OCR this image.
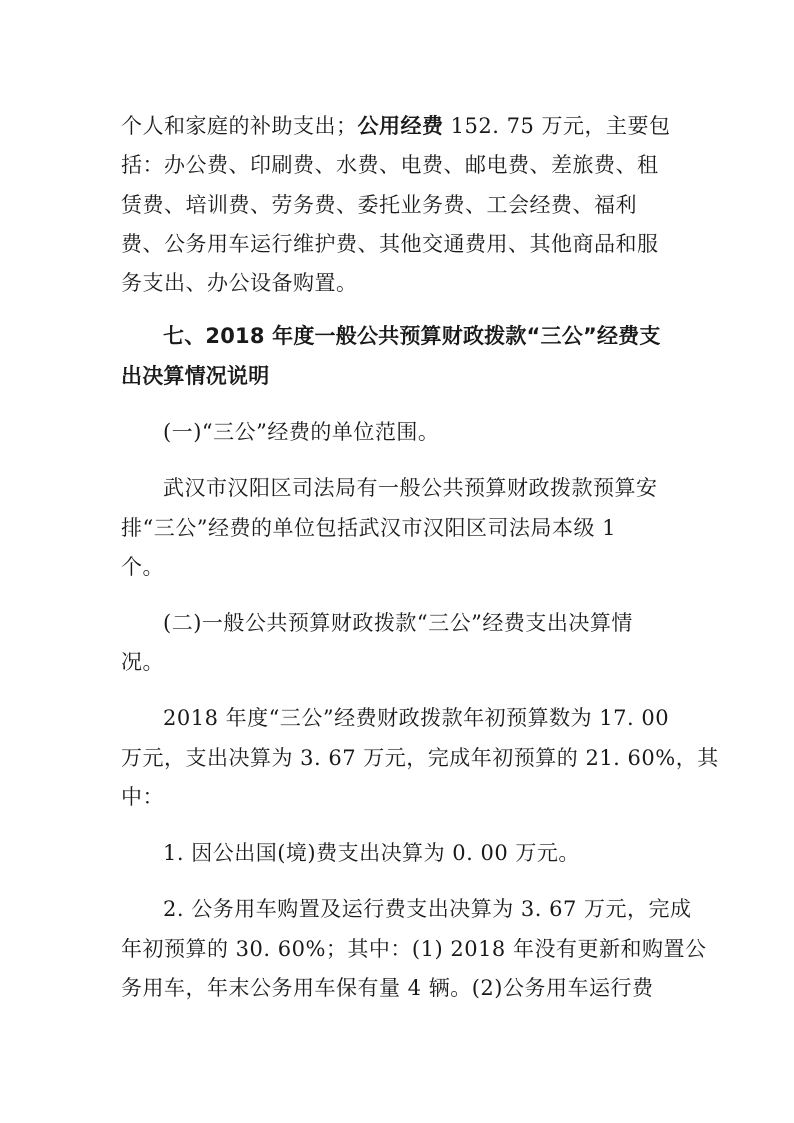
个人和家庭的补助支出；公用经费 152. 75 万元，主要包
括：办公费、印刷费、水费、电费、邮电费、差旅费、租
赁费、培训费、劳务费、委托业务费、工会经费、福利
费、公务用车运行维护费、其他交通费用、其他商品和服
务支出、办公设备购置。
七、2018 年度一般公共预算财政拨款“三公”经费支
出决算情况说明
(一)“三公”经费的单位范围。
武汉市汉阳区司法局有一般公共预算财政拨款预算安
排“三公”经费的单位包括武汉市汉阳区司法局本级 1
个。
(二)一般公共预算财政拨款“三公”经费支出决算情
况。
2018 年度“三公”经费财政拨款年初预算数为 17. 00
万元，支出决算为 3. 67 万元，完成年初预算的 21. 60%，其
中：
1. 因公出国(境)费支出决算为 0. 00 万元。
2. 公务用车购置及运行费支出决算为 3. 67 万元，完成
年初预算的 30. 60%；其中：(1) 2018 年没有更新和购置公
务用车，年末公务用车保有量 4 辆。(2)公务用车运行费
